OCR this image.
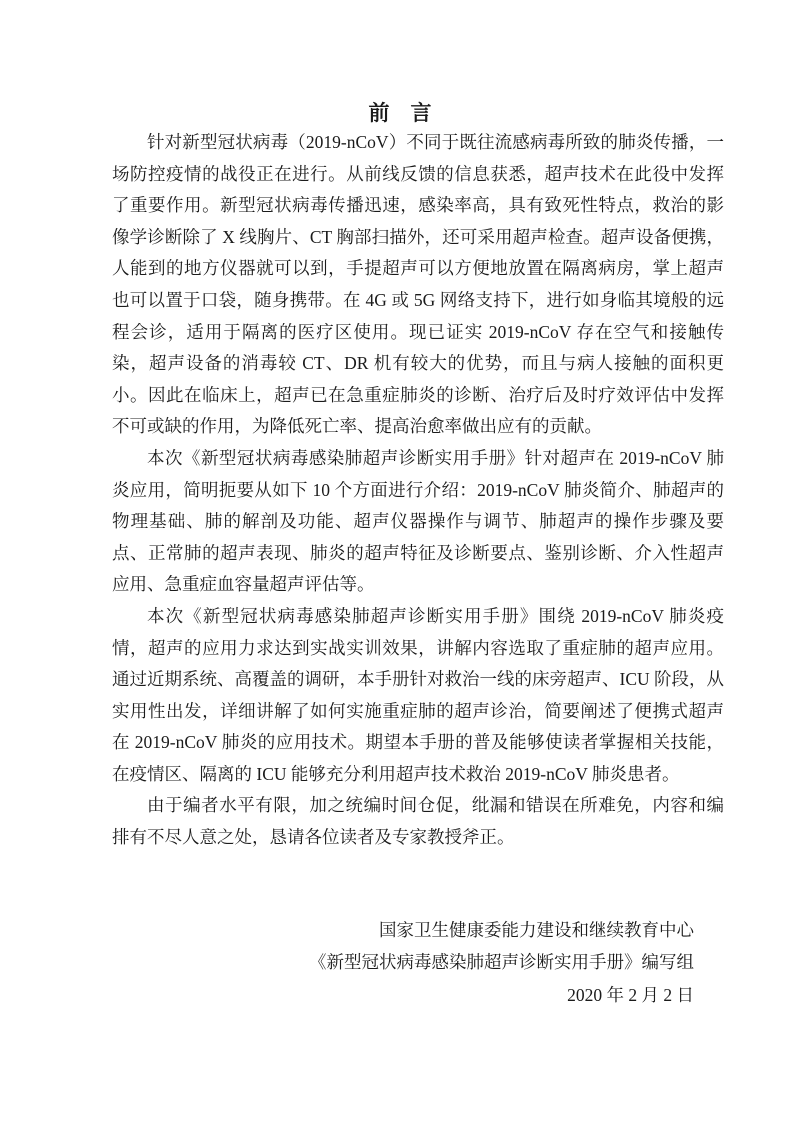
前　言

针对新型冠状病毒（2019-nCoV）不同于既往流感病毒所致的肺炎传播，一场防控疫情的战役正在进行。从前线反馈的信息获悉，超声技术在此役中发挥了重要作用。新型冠状病毒传播迅速，感染率高，具有致死性特点，救治的影像学诊断除了 X 线胸片、CT 胸部扫描外，还可采用超声检查。超声设备便携，人能到的地方仪器就可以到，手提超声可以方便地放置在隔离病房，掌上超声也可以置于口袋，随身携带。在 4G 或 5G 网络支持下，进行如身临其境般的远程会诊，适用于隔离的医疗区使用。现已证实 2019-nCoV 存在空气和接触传染，超声设备的消毒较 CT、DR 机有较大的优势，而且与病人接触的面积更小。因此在临床上，超声已在急重症肺炎的诊断、治疗后及时疗效评估中发挥不可或缺的作用，为降低死亡率、提高治愈率做出应有的贡献。

本次《新型冠状病毒感染肺超声诊断实用手册》针对超声在 2019-nCoV 肺炎应用，简明扼要从如下 10 个方面进行介绍：2019-nCoV 肺炎简介、肺超声的物理基础、肺的解剖及功能、超声仪器操作与调节、肺超声的操作步骤及要点、正常肺的超声表现、肺炎的超声特征及诊断要点、鉴别诊断、介入性超声应用、急重症血容量超声评估等。

本次《新型冠状病毒感染肺超声诊断实用手册》围绕 2019-nCoV 肺炎疫情，超声的应用力求达到实战实训效果，讲解内容选取了重症肺的超声应用。通过近期系统、高覆盖的调研，本手册针对救治一线的床旁超声、ICU 阶段，从实用性出发，详细讲解了如何实施重症肺的超声诊治，简要阐述了便携式超声在 2019-nCoV 肺炎的应用技术。期望本手册的普及能够使读者掌握相关技能，在疫情区、隔离的 ICU 能够充分利用超声技术救治 2019-nCoV 肺炎患者。

由于编者水平有限，加之统编时间仓促，纰漏和错误在所难免，内容和编排有不尽人意之处，恳请各位读者及专家教授斧正。

国家卫生健康委能力建设和继续教育中心

《新型冠状病毒感染肺超声诊断实用手册》编写组

2020 年 2 月 2 日
